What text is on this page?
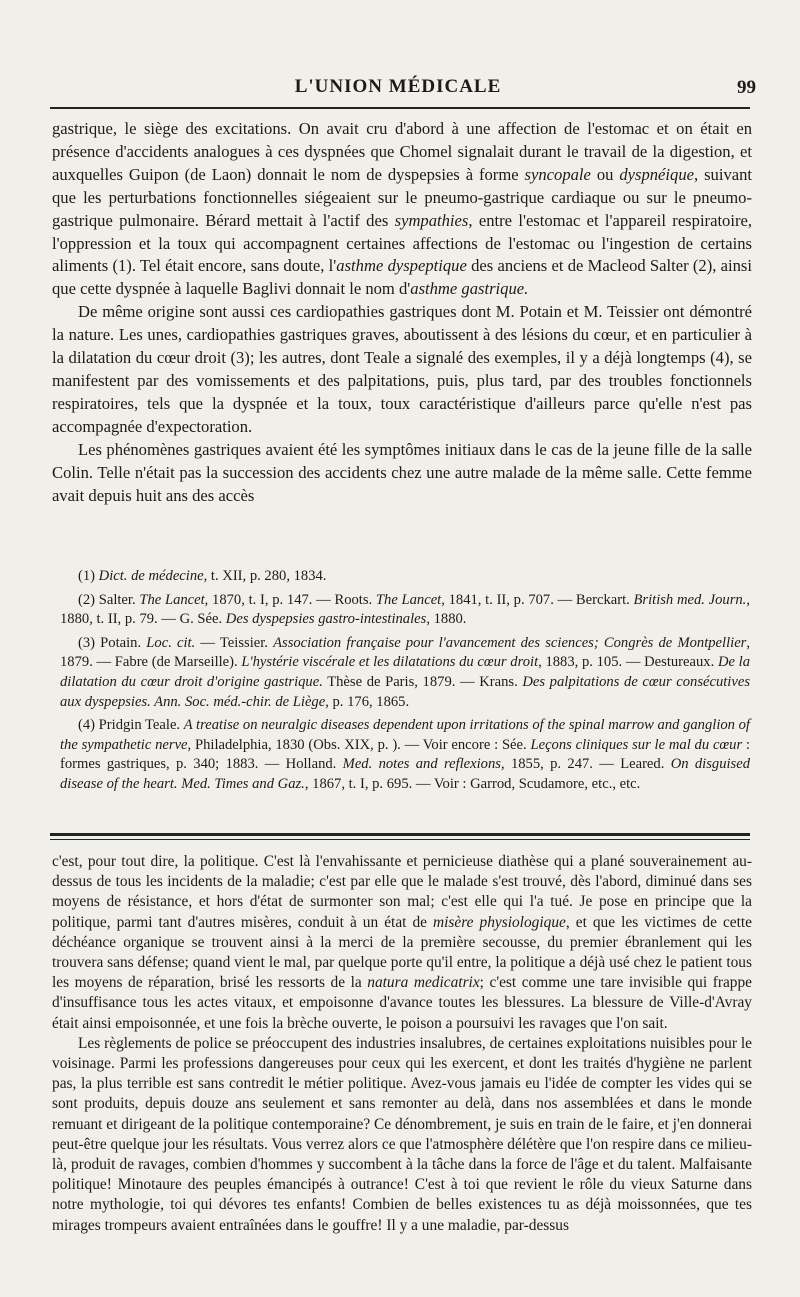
L'UNION MÉDICALE	99

gastrique, le siège des excitations. On avait cru d'abord à une affection de l'estomac et on était en présence d'accidents analogues à ces dyspnées que Chomel signalait durant le travail de la digestion, et auxquelles Guipon (de Laon) donnait le nom de dyspepsies à forme syncopale ou dyspnéique, suivant que les perturbations fonctionnelles siégeaient sur le pneumo-gastrique cardiaque ou sur le pneumo-gastrique pulmonaire. Bérard mettait à l'actif des sympathies, entre l'estomac et l'appareil respiratoire, l'oppression et la toux qui accompagnent certaines affections de l'estomac ou l'ingestion de certains aliments (1). Tel était encore, sans doute, l'asthme dyspeptique des anciens et de Macleod Salter (2), ainsi que cette dyspnée à laquelle Baglivi donnait le nom d'asthme gastrique.

De même origine sont aussi ces cardiopathies gastriques dont M. Potain et M. Teissier ont démontré la nature. Les unes, cardiopathies gastriques graves, aboutissent à des lésions du cœur, et en particulier à la dilatation du cœur droit (3); les autres, dont Teale a signalé des exemples, il y a déjà longtemps (4), se manifestent par des vomissements et des palpitations, puis, plus tard, par des troubles fonctionnels respiratoires, tels que la dyspnée et la toux, toux caractéristique d'ailleurs parce qu'elle n'est pas accompagnée d'expectoration.

Les phénomènes gastriques avaient été les symptômes initiaux dans le cas de la jeune fille de la salle Colin. Telle n'était pas la succession des accidents chez une autre malade de la même salle. Cette femme avait depuis huit ans des accès

(1) Dict. de médecine, t. XII, p. 280, 1834.

(2) Salter. The Lancet, 1870, t. I, p. 147. — Roots. The Lancet, 1841, t. II, p. 707. — Berckart. British med. Journ., 1880, t. II, p. 79. — G. Sée. Des dyspepsies gastro-intestinales, 1880.

(3) Potain. Loc. cit. — Teissier. Association française pour l'avancement des sciences; Congrès de Montpellier, 1879. — Fabre (de Marseille). L'hystérie viscérale et les dilatations du cœur droit, 1883, p. 105. — Destureaux. De la dilatation du cœur droit d'origine gastrique. Thèse de Paris, 1879. — Krans. Des palpitations de cœur consécutives aux dyspepsies. Ann. Soc. méd.-chir. de Liège, p. 176, 1865.

(4) Pridgin Teale. A treatise on neuralgic diseases dependent upon irritations of the spinal marrow and ganglion of the sympathetic nerve, Philadelphia, 1830 (Obs. XIX, p. ). — Voir encore : Sée. Leçons cliniques sur le mal du cœur : formes gastriques, p. 340; 1883. — Holland. Med. notes and reflexions, 1855, p. 247. — Leared. On disguised disease of the heart. Med. Times and Gaz., 1867, t. I, p. 695. — Voir : Garrod, Scudamore, etc., etc.

c'est, pour tout dire, la politique. C'est là l'envahissante et pernicieuse diathèse qui a plané souverainement au-dessus de tous les incidents de la maladie; c'est par elle que le malade s'est trouvé, dès l'abord, diminué dans ses moyens de résistance, et hors d'état de surmonter son mal; c'est elle qui l'a tué. Je pose en principe que la politique, parmi tant d'autres misères, conduit à un état de misère physiologique, et que les victimes de cette déchéance organique se trouvent ainsi à la merci de la première secousse, du premier ébranlement qui les trouvera sans défense; quand vient le mal, par quelque porte qu'il entre, la politique a déjà usé chez le patient tous les moyens de réparation, brisé les ressorts de la natura medicatrix; c'est comme une tare invisible qui frappe d'insuffisance tous les actes vitaux, et empoisonne d'avance toutes les blessures. La blessure de Ville-d'Avray était ainsi empoisonnée, et une fois la brèche ouverte, le poison a poursuivi les ravages que l'on sait.

Les règlements de police se préoccupent des industries insalubres, de certaines exploitations nuisibles pour le voisinage. Parmi les professions dangereuses pour ceux qui les exercent, et dont les traités d'hygiène ne parlent pas, la plus terrible est sans contredit le métier politique. Avez-vous jamais eu l'idée de compter les vides qui se sont produits, depuis douze ans seulement et sans remonter au delà, dans nos assemblées et dans le monde remuant et dirigeant de la politique contemporaine? Ce dénombrement, je suis en train de le faire, et j'en donnerai peut-être quelque jour les résultats. Vous verrez alors ce que l'atmosphère délétère que l'on respire dans ce milieu-là, produit de ravages, combien d'hommes y succombent à la tâche dans la force de l'âge et du talent. Malfaisante politique! Minotaure des peuples émancipés à outrance! C'est à toi que revient le rôle du vieux Saturne dans notre mythologie, toi qui dévores tes enfants! Combien de belles existences tu as déjà moissonnées, que tes mirages trompeurs avaient entraînées dans le gouffre! Il y a une maladie, par-dessus
